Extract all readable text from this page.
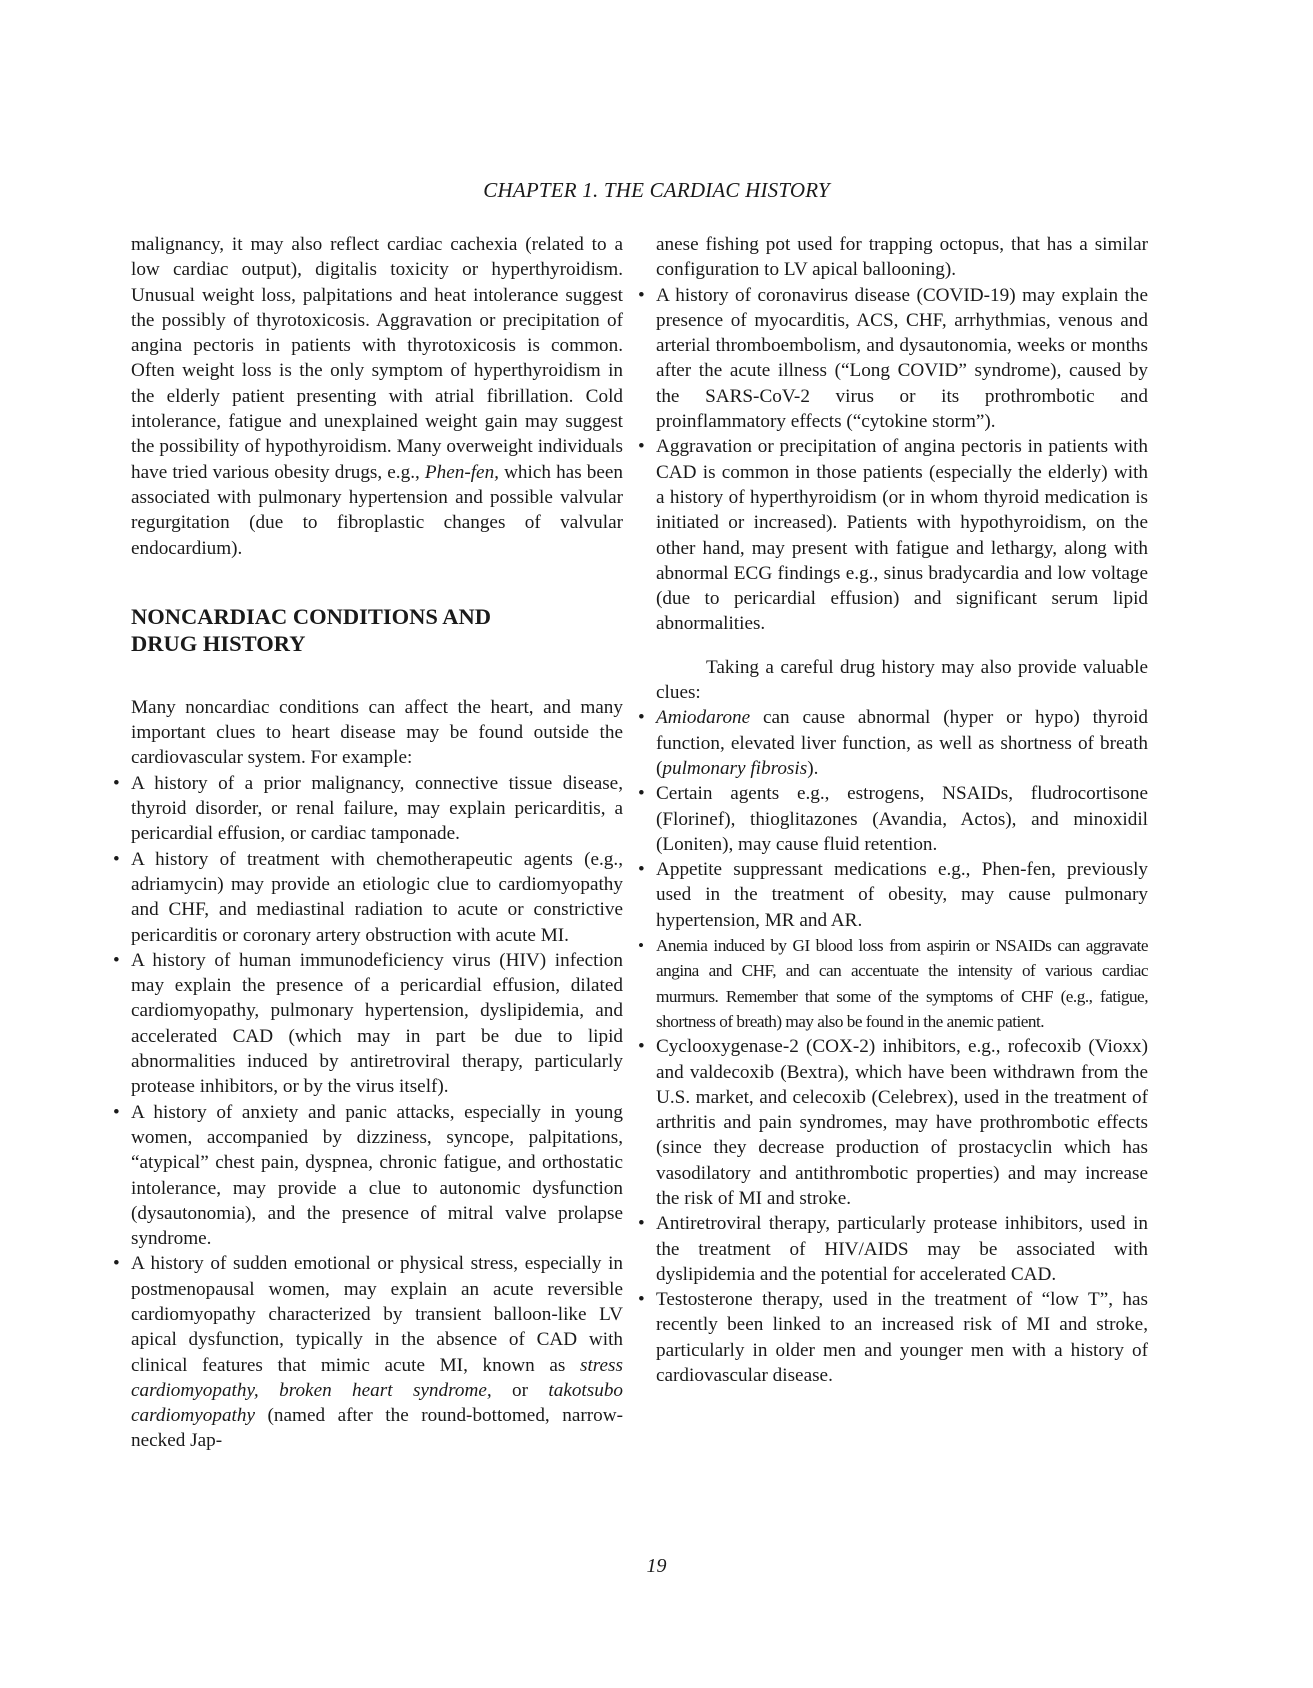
CHAPTER 1. THE CARDIAC HISTORY

malignancy, it may also reflect cardiac cachexia (related to a low cardiac output), digitalis toxicity or hyperthyroidism. Unusual weight loss, palpitations and heat intolerance suggest the possibly of thyrotoxicosis. Aggravation or precipitation of angina pectoris in patients with thyrotoxicosis is common. Often weight loss is the only symptom of hyperthyroidism in the elderly patient presenting with atrial fibrillation. Cold intolerance, fatigue and unexplained weight gain may suggest the possibility of hypothyroidism. Many overweight individuals have tried various obesity drugs, e.g., Phen-fen, which has been associated with pulmonary hypertension and possible valvular regurgitation (due to fibroplastic changes of valvular endocardium).

NONCARDIAC CONDITIONS AND
DRUG HISTORY

Many noncardiac conditions can affect the heart, and many important clues to heart disease may be found outside the cardiovascular system. For example:

• A history of a prior malignancy, connective tissue disease, thyroid disorder, or renal failure, may explain pericarditis, a pericardial effusion, or cardiac tamponade.
• A history of treatment with chemotherapeutic agents (e.g., adriamycin) may provide an etiologic clue to cardiomyopathy and CHF, and mediastinal radiation to acute or constrictive pericarditis or coronary artery obstruction with acute MI.
• A history of human immunodeficiency virus (HIV) infection may explain the presence of a pericardial effusion, dilated cardiomyopathy, pulmonary hypertension, dyslipidemia, and accelerated CAD (which may in part be due to lipid abnormalities induced by antiretroviral therapy, particularly protease inhibitors, or by the virus itself).
• A history of anxiety and panic attacks, especially in young women, accompanied by dizziness, syncope, palpitations, “atypical” chest pain, dyspnea, chronic fatigue, and orthostatic intolerance, may provide a clue to autonomic dysfunction (dysautonomia), and the presence of mitral valve prolapse syndrome.
• A history of sudden emotional or physical stress, especially in postmenopausal women, may explain an acute reversible cardiomyopathy characterized by transient balloon-like LV apical dysfunction, typically in the absence of CAD with clinical features that mimic acute MI, known as stress cardiomyopathy, broken heart syndrome, or takotsubo cardiomyopathy (named after the round-bottomed, narrow-necked Jap-
anese fishing pot used for trapping octopus, that has a similar configuration to LV apical ballooning).
• A history of coronavirus disease (COVID-19) may explain the presence of myocarditis, ACS, CHF, arrhythmias, venous and arterial thromboembolism, and dysautonomia, weeks or months after the acute illness (“Long COVID” syndrome), caused by the SARS-CoV-2 virus or its prothrombotic and proinflammatory effects (“cytokine storm”).
• Aggravation or precipitation of angina pectoris in patients with CAD is common in those patients (especially the elderly) with a history of hyperthyroidism (or in whom thyroid medication is initiated or increased). Patients with hypothyroidism, on the other hand, may present with fatigue and lethargy, along with abnormal ECG findings e.g., sinus bradycardia and low voltage (due to pericardial effusion) and significant serum lipid abnormalities.

Taking a careful drug history may also provide valuable clues:

• Amiodarone can cause abnormal (hyper or hypo) thyroid function, elevated liver function, as well as shortness of breath (pulmonary fibrosis).
• Certain agents e.g., estrogens, NSAIDs, fludrocortisone (Florinef), thioglitazones (Avandia, Actos), and minoxidil (Loniten), may cause fluid retention.
• Appetite suppressant medications e.g., Phen-fen, previously used in the treatment of obesity, may cause pulmonary hypertension, MR and AR.
• Anemia induced by GI blood loss from aspirin or NSAIDs can aggravate angina and CHF, and can accentuate the intensity of various cardiac murmurs. Remember that some of the symptoms of CHF (e.g., fatigue, shortness of breath) may also be found in the anemic patient.
• Cyclooxygenase-2 (COX-2) inhibitors, e.g., rofecoxib (Vioxx) and valdecoxib (Bextra), which have been withdrawn from the U.S. market, and celecoxib (Celebrex), used in the treatment of arthritis and pain syndromes, may have prothrombotic effects (since they decrease production of prostacyclin which has vasodilatory and antithrombotic properties) and may increase the risk of MI and stroke.
• Antiretroviral therapy, particularly protease inhibitors, used in the treatment of HIV/AIDS may be associated with dyslipidemia and the potential for accelerated CAD.
• Testosterone therapy, used in the treatment of “low T”, has recently been linked to an increased risk of MI and stroke, particularly in older men and younger men with a history of cardiovascular disease.
19
